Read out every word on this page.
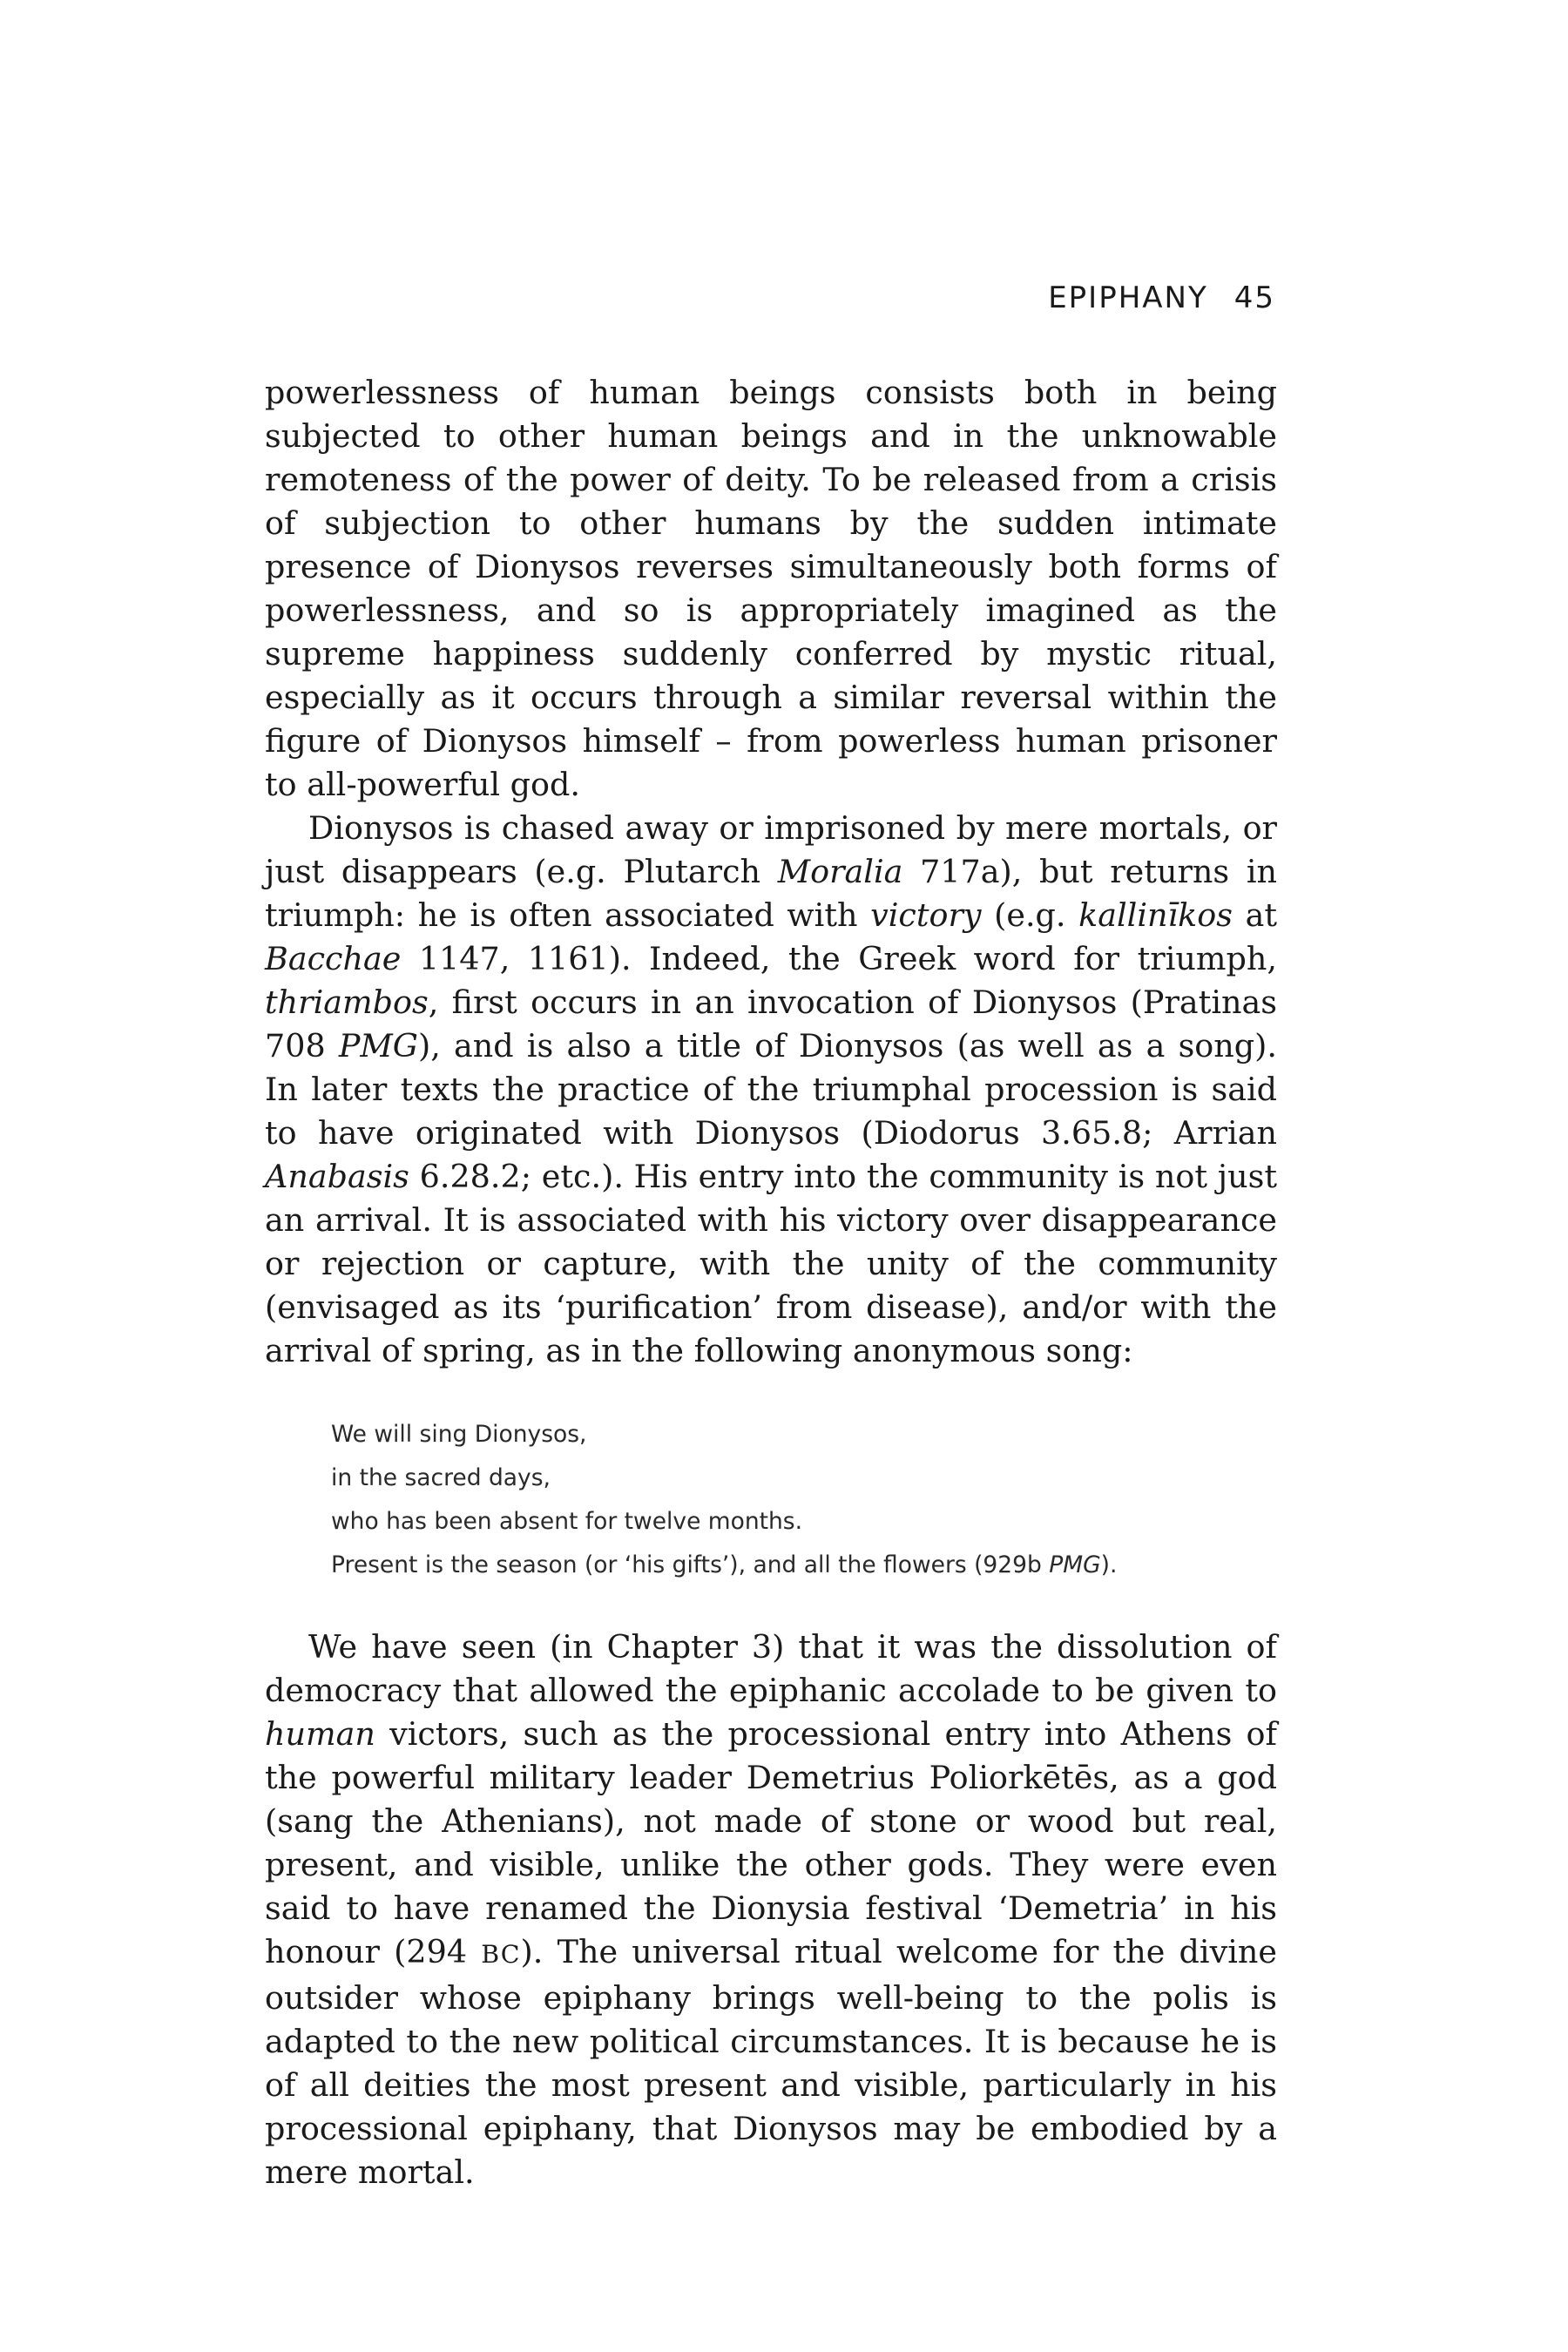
EPIPHANY 45

powerlessness of human beings consists both in being subjected to other human beings and in the unknowable remoteness of the power of deity. To be released from a crisis of subjection to other humans by the sudden intimate presence of Dionysos reverses simultaneously both forms of powerlessness, and so is appropriately imagined as the supreme happiness suddenly conferred by mystic ritual, especially as it occurs through a similar reversal within the figure of Dionysos himself – from powerless human prisoner to all-powerful god.

Dionysos is chased away or imprisoned by mere mortals, or just disappears (e.g. Plutarch Moralia 717a), but returns in triumph: he is often associated with victory (e.g. kallinīkos at Bacchae 1147, 1161). Indeed, the Greek word for triumph, thriambos, first occurs in an invocation of Dionysos (Pratinas 708 PMG), and is also a title of Dionysos (as well as a song). In later texts the practice of the triumphal procession is said to have originated with Dionysos (Diodorus 3.65.8; Arrian Anabasis 6.28.2; etc.). His entry into the community is not just an arrival. It is associated with his victory over disappearance or rejection or capture, with the unity of the community (envisaged as its ‘purification’ from disease), and/or with the arrival of spring, as in the following anonymous song:

We will sing Dionysos,
in the sacred days,
who has been absent for twelve months.
Present is the season (or ‘his gifts’), and all the flowers (929b PMG).

We have seen (in Chapter 3) that it was the dissolution of democracy that allowed the epiphanic accolade to be given to human victors, such as the processional entry into Athens of the powerful military leader Demetrius Poliorkētēs, as a god (sang the Athenians), not made of stone or wood but real, present, and visible, unlike the other gods. They were even said to have renamed the Dionysia festival ‘Demetria’ in his honour (294 BC). The universal ritual welcome for the divine outsider whose epiphany brings well-being to the polis is adapted to the new political circumstances. It is because he is of all deities the most present and visible, particularly in his processional epiphany, that Dionysos may be embodied by a mere mortal.
